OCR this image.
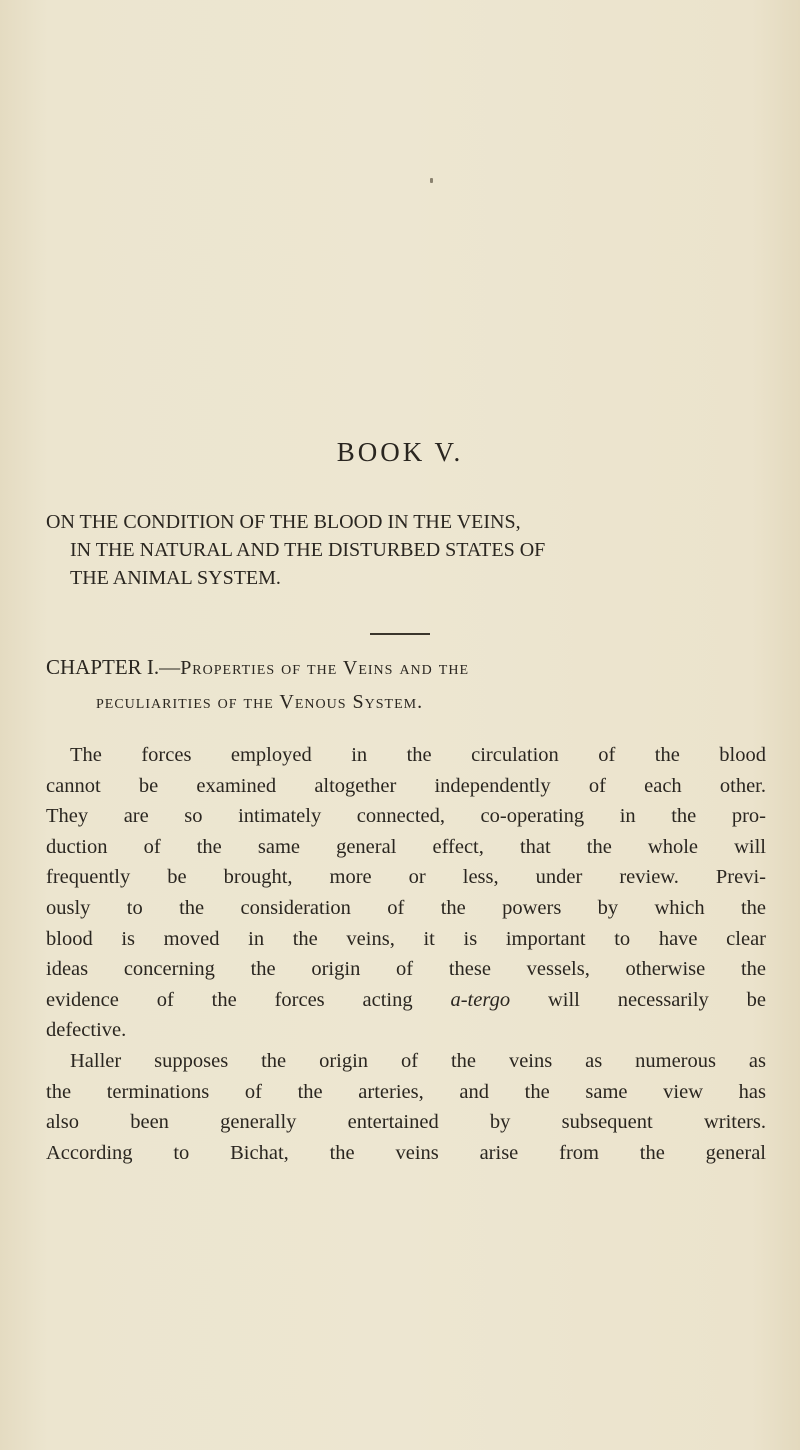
BOOK V.
ON THE CONDITION OF THE BLOOD IN THE VEINS,
IN THE NATURAL AND THE DISTURBED STATES OF
THE ANIMAL SYSTEM.
CHAPTER I.—Properties of the Veins and the
peculiarities of the Venous System.
The forces employed in the circulation of the blood
cannot be examined altogether independently of each other.
They are so intimately connected, co-operating in the pro-
duction of the same general effect, that the whole will
frequently be brought, more or less, under review. Previ-
ously to the consideration of the powers by which the
blood is moved in the veins, it is important to have clear
ideas concerning the origin of these vessels, otherwise the
evidence of the forces acting a-tergo will necessarily be
defective.
Haller supposes the origin of the veins as numerous as
the terminations of the arteries, and the same view has
also been generally entertained by subsequent writers.
According to Bichat, the veins arise from the general
